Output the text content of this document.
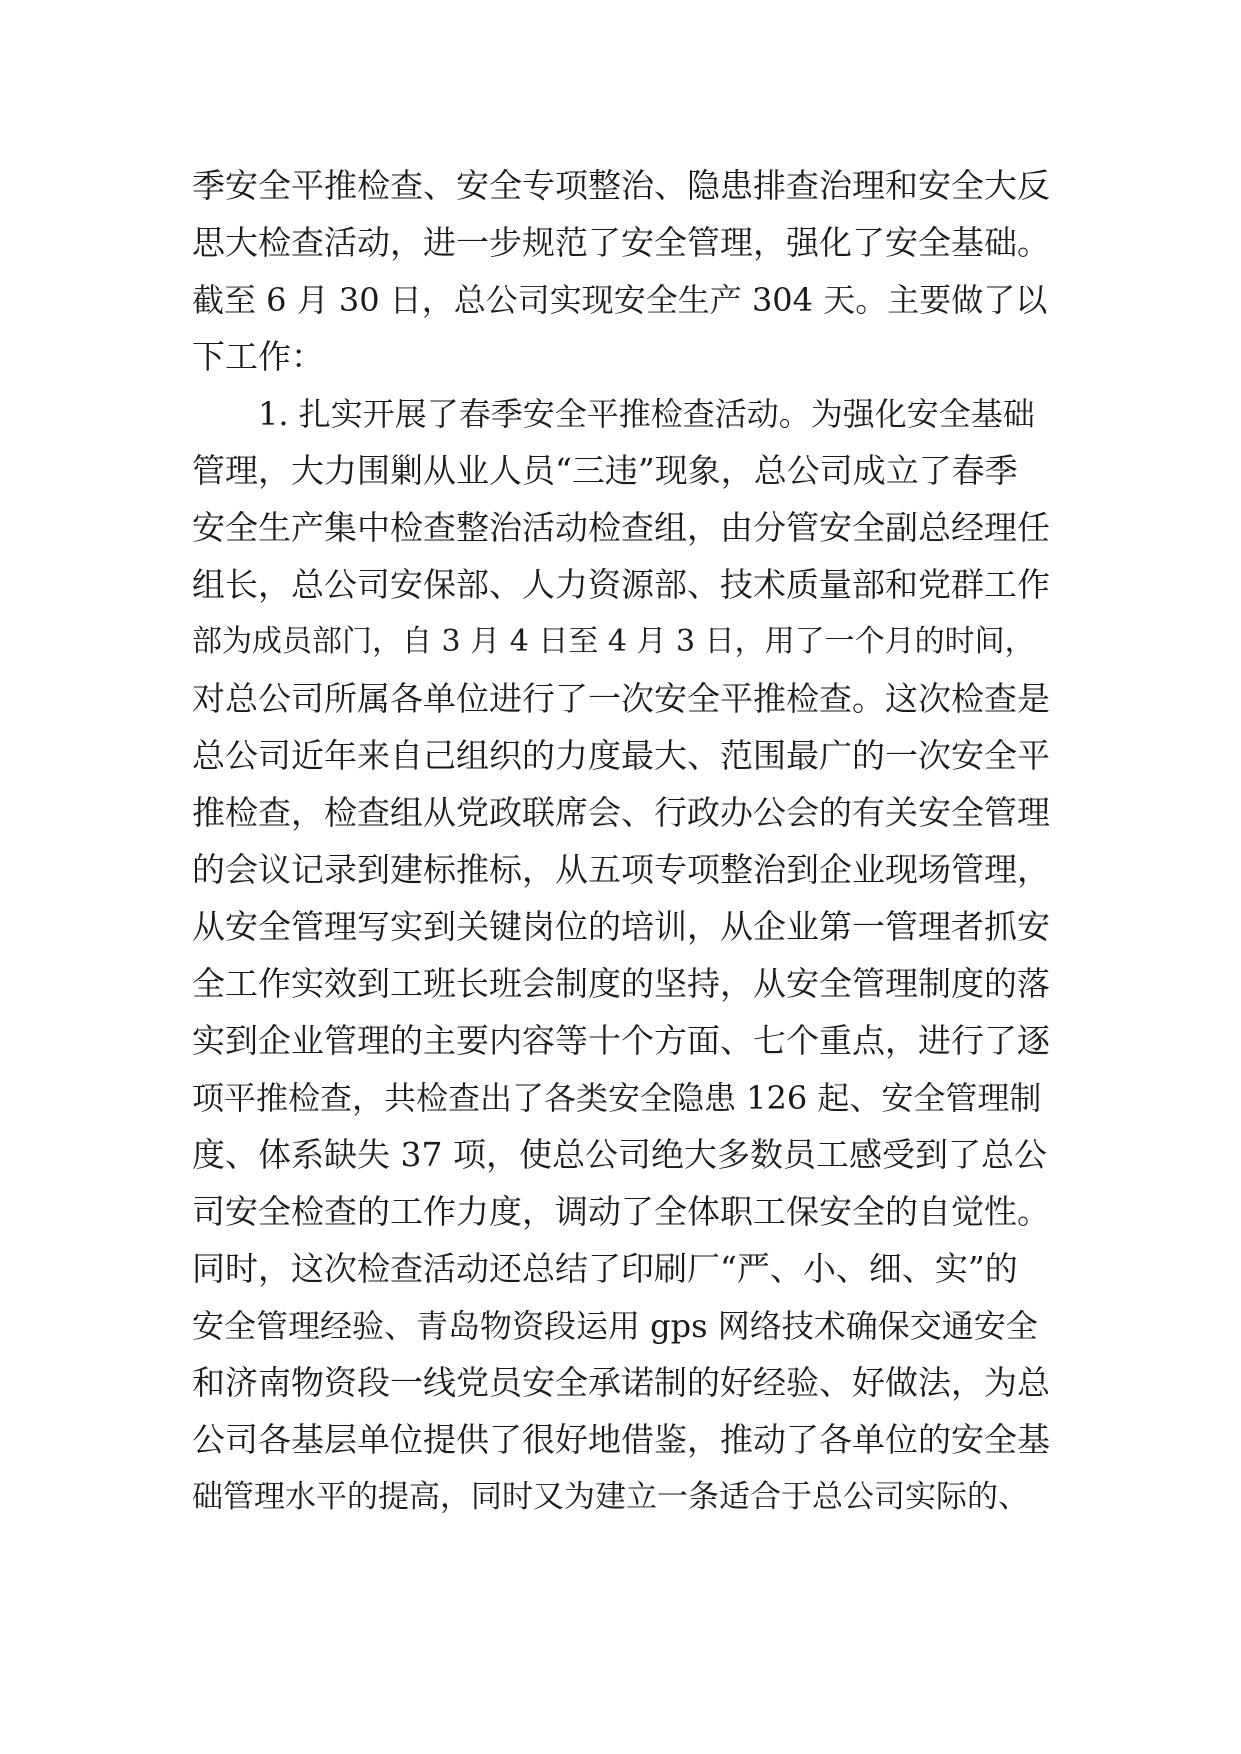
季安全平推检查、安全专项整治、隐患排查治理和安全大反
思大检查活动，进一步规范了安全管理，强化了安全基础。
截至 6 月 30 日，总公司实现安全生产 304 天。主要做了以
下工作：
1. 扎实开展了春季安全平推检查活动。为强化安全基础
管理，大力围剿从业人员“三违”现象，总公司成立了春季
安全生产集中检查整治活动检查组，由分管安全副总经理任
组长，总公司安保部、人力资源部、技术质量部和党群工作
部为成员部门，自 3 月 4 日至 4 月 3 日，用了一个月的时间，
对总公司所属各单位进行了一次安全平推检查。这次检查是
总公司近年来自己组织的力度最大、范围最广的一次安全平
推检查，检查组从党政联席会、行政办公会的有关安全管理
的会议记录到建标推标，从五项专项整治到企业现场管理，
从安全管理写实到关键岗位的培训，从企业第一管理者抓安
全工作实效到工班长班会制度的坚持，从安全管理制度的落
实到企业管理的主要内容等十个方面、七个重点，进行了逐
项平推检查，共检查出了各类安全隐患 126 起、安全管理制
度、体系缺失 37 项，使总公司绝大多数员工感受到了总公
司安全检查的工作力度，调动了全体职工保安全的自觉性。
同时，这次检查活动还总结了印刷厂“严、小、细、实”的
安全管理经验、青岛物资段运用 gps 网络技术确保交通安全
和济南物资段一线党员安全承诺制的好经验、好做法，为总
公司各基层单位提供了很好地借鉴，推动了各单位的安全基
础管理水平的提高，同时又为建立一条适合于总公司实际的、
